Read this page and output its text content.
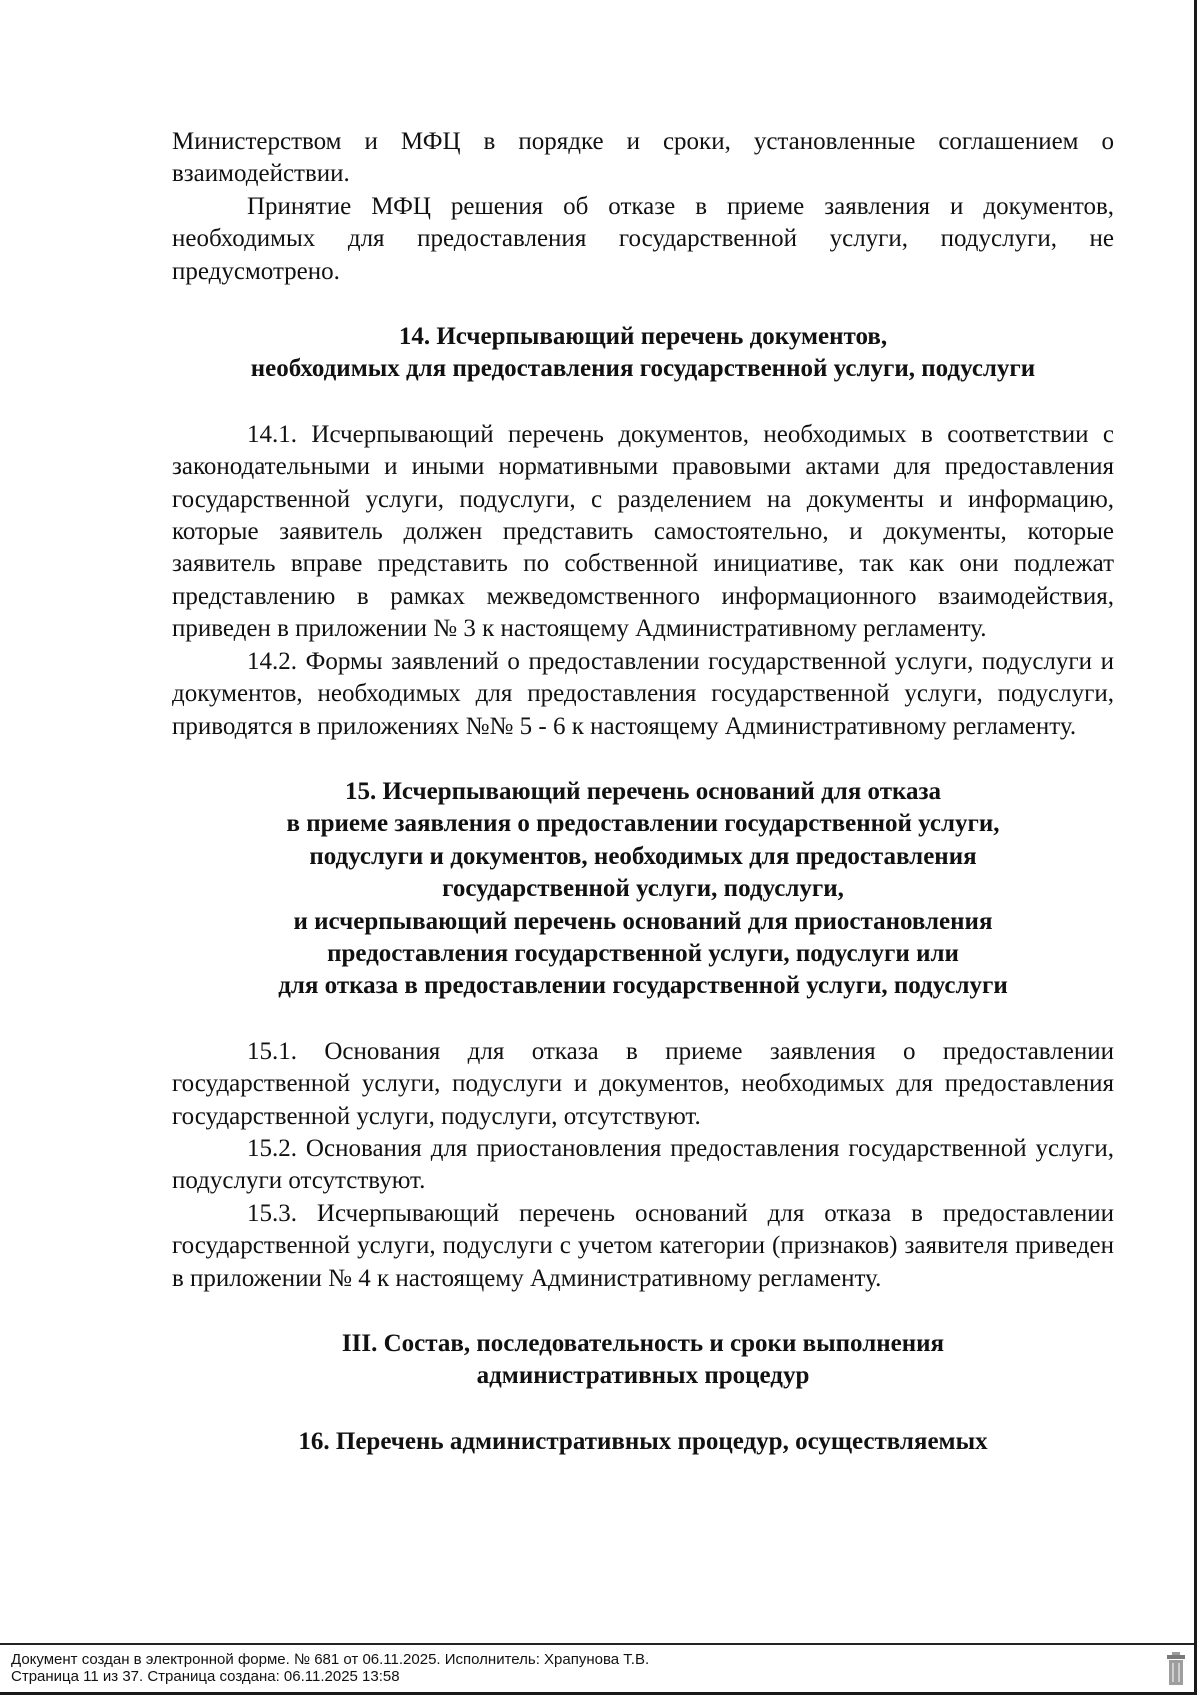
Министерством и МФЦ в порядке и сроки, установленные соглашением о взаимодействии.

Принятие МФЦ решения об отказе в приеме заявления и документов, необходимых для предоставления государственной услуги, подуслуги, не предусмотрено.

14. Исчерпывающий перечень документов,
необходимых для предоставления государственной услуги, подуслуги

14.1. Исчерпывающий перечень документов, необходимых в соответствии с законодательными и иными нормативными правовыми актами для предоставления государственной услуги, подуслуги, с разделением на документы и информацию, которые заявитель должен представить самостоятельно, и документы, которые заявитель вправе представить по собственной инициативе, так как они подлежат представлению в рамках межведомственного информационного взаимодействия, приведен в приложении № 3 к настоящему Административному регламенту.

14.2. Формы заявлений о предоставлении государственной услуги, подуслуги и документов, необходимых для предоставления государственной услуги, подуслуги, приводятся в приложениях №№ 5 - 6 к настоящему Административному регламенту.

15. Исчерпывающий перечень оснований для отказа
в приеме заявления о предоставлении государственной услуги,
подуслуги и документов, необходимых для предоставления
государственной услуги, подуслуги,
и исчерпывающий перечень оснований для приостановления
предоставления государственной услуги, подуслуги или
для отказа в предоставлении государственной услуги, подуслуги

15.1. Основания для отказа в приеме заявления о предоставлении государственной услуги, подуслуги и документов, необходимых для предоставления государственной услуги, подуслуги, отсутствуют.

15.2. Основания для приостановления предоставления государственной услуги, подуслуги отсутствуют.

15.3. Исчерпывающий перечень оснований для отказа в предоставлении государственной услуги, подуслуги с учетом категории (признаков) заявителя приведен в приложении № 4 к настоящему Административному регламенту.

III. Состав, последовательность и сроки выполнения
административных процедур
16. Перечень административных процедур, осуществляемых
Документ создан в электронной форме. № 681 от 06.11.2025. Исполнитель: Храпунова Т.В.
Страница 11 из 37. Страница создана: 06.11.2025 13:58
